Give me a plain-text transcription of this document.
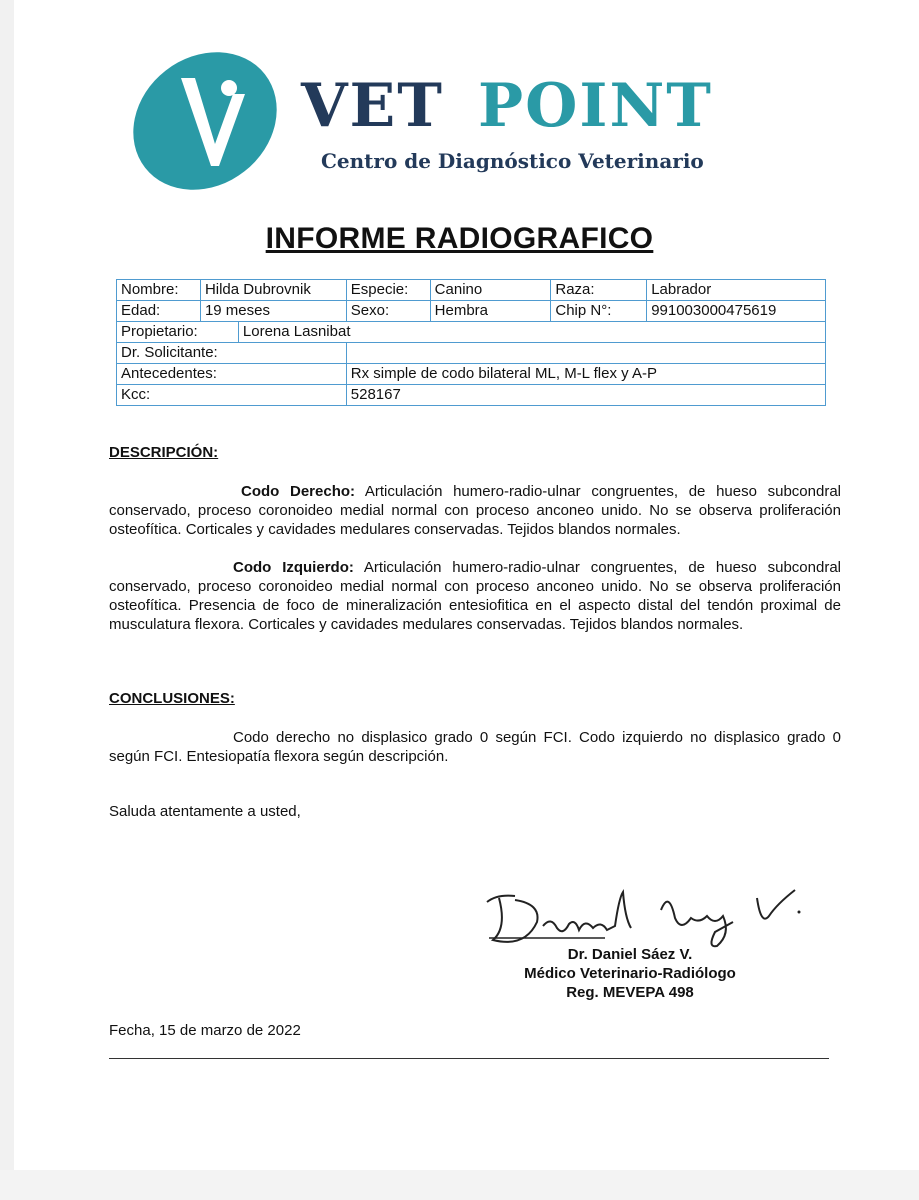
VET POINT
Centro de Diagnóstico Veterinario
INFORME RADIOGRAFICO
Nombre:	Hilda Dubrovnik		Especie:	Canino	Raza:	Labrador
Edad:	19 meses		Sexo:	Hembra	Chip N°:	991003000475619
Propietario:		Lorena Lasnibat				
Dr. Solicitante:						
Antecedentes:			Rx simple de codo bilateral ML, M-L flex y A-P			
Kcc:			528167			
DESCRIPCIÓN:
Codo Derecho: Articulación humero-radio-ulnar congruentes, de hueso subcondral conservado, proceso coronoideo medial normal con proceso anconeo unido. No se observa proliferación osteofítica. Corticales y cavidades medulares conservadas. Tejidos blandos normales.
Codo Izquierdo: Articulación humero-radio-ulnar congruentes, de hueso subcondral conservado, proceso coronoideo medial normal con proceso anconeo unido. No se observa proliferación osteofítica. Presencia de foco de mineralización entesiofitica en el aspecto distal del tendón proximal de musculatura flexora. Corticales y cavidades medulares conservadas. Tejidos blandos normales.
CONCLUSIONES:
Codo derecho no displasico grado 0 según FCI. Codo izquierdo no displasico grado 0 según FCI. Entesiopatía flexora según descripción.
Saluda atentamente a usted,
Dr. Daniel Sáez V.
Médico Veterinario-Radiólogo
Reg. MEVEPA 498
Fecha, 15 de marzo de 2022
